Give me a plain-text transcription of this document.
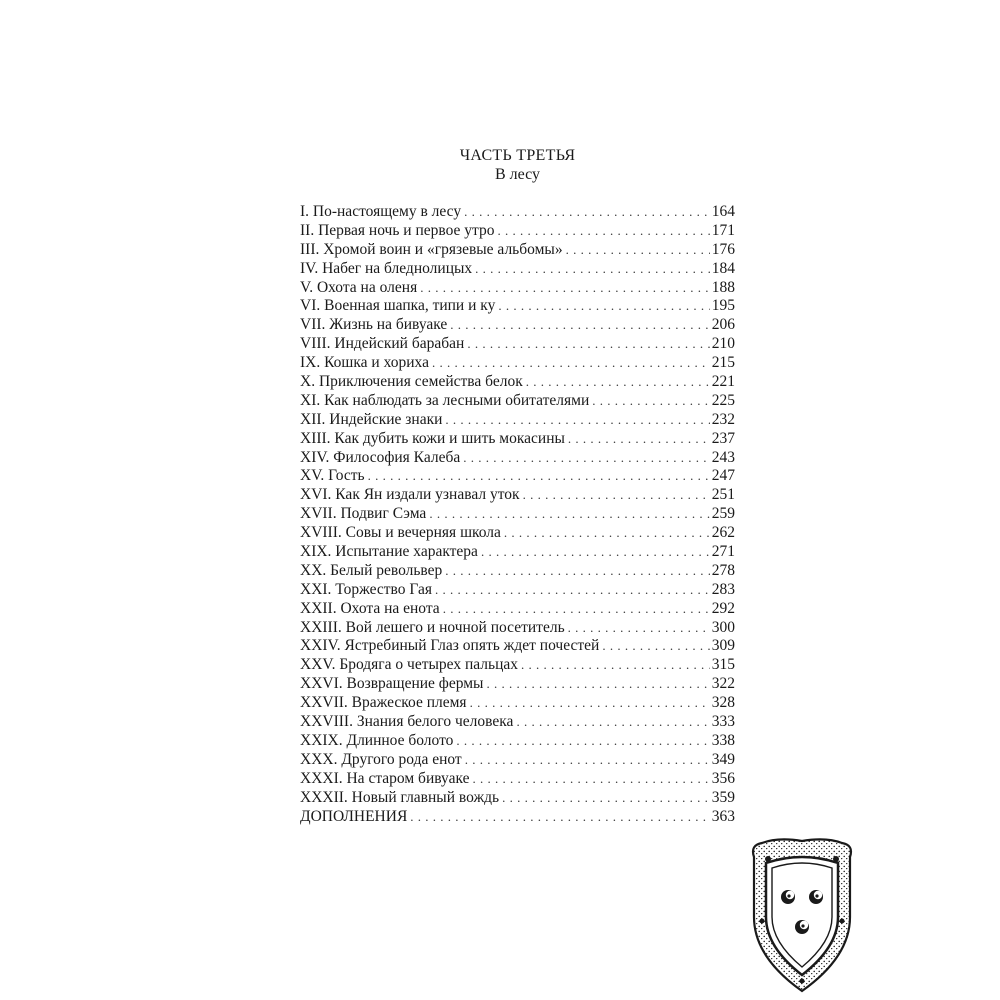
ЧАСТЬ ТРЕТЬЯ
В лесу
I. По-настоящему в лесу . . .	164
II. Первая ночь и первое утро . . .	171
III. Хромой воин и «грязевые альбомы» . . .	176
IV. Набег на бледнолицых . . .	184
V. Охота на оленя . . .	188
VI. Военная шапка, типи и ку . . .	195
VII. Жизнь на бивуаке . . .	206
VIII. Индейский барабан . . .	210
IX. Кошка и хориха . . .	215
X. Приключения семейства белок . . .	221
XI. Как наблюдать за лесными обитателями . . .	225
XII. Индейские знаки . . .	232
XIII. Как дубить кожи и шить мокасины . . .	237
XIV. Философия Калеба . . .	243
XV. Гость . . .	247
XVI. Как Ян издали узнавал уток . . .	251
XVII. Подвиг Сэма . . .	259
XVIII. Совы и вечерняя школа . . .	262
XIX. Испытание характера . . .	271
XX. Белый револьвер . . .	278
XXI. Торжество Гая . . .	283
XXII. Охота на енота . . .	292
XXIII. Вой лешего и ночной посетитель . . .	300
XXIV. Ястребиный Глаз опять ждет почестей . . .	309
XXV. Бродяга о четырех пальцах . . .	315
XXVI. Возвращение фермы . . .	322
XXVII. Вражеское племя . . .	328
XXVIII. Знания белого человека . . .	333
XXIX. Длинное болото . . .	338
XXX. Другого рода енот . . .	349
XXXI. На старом бивуаке . . .	356
XXXII. Новый главный вождь . . .	359
ДОПОЛНЕНИЯ . . .	363
